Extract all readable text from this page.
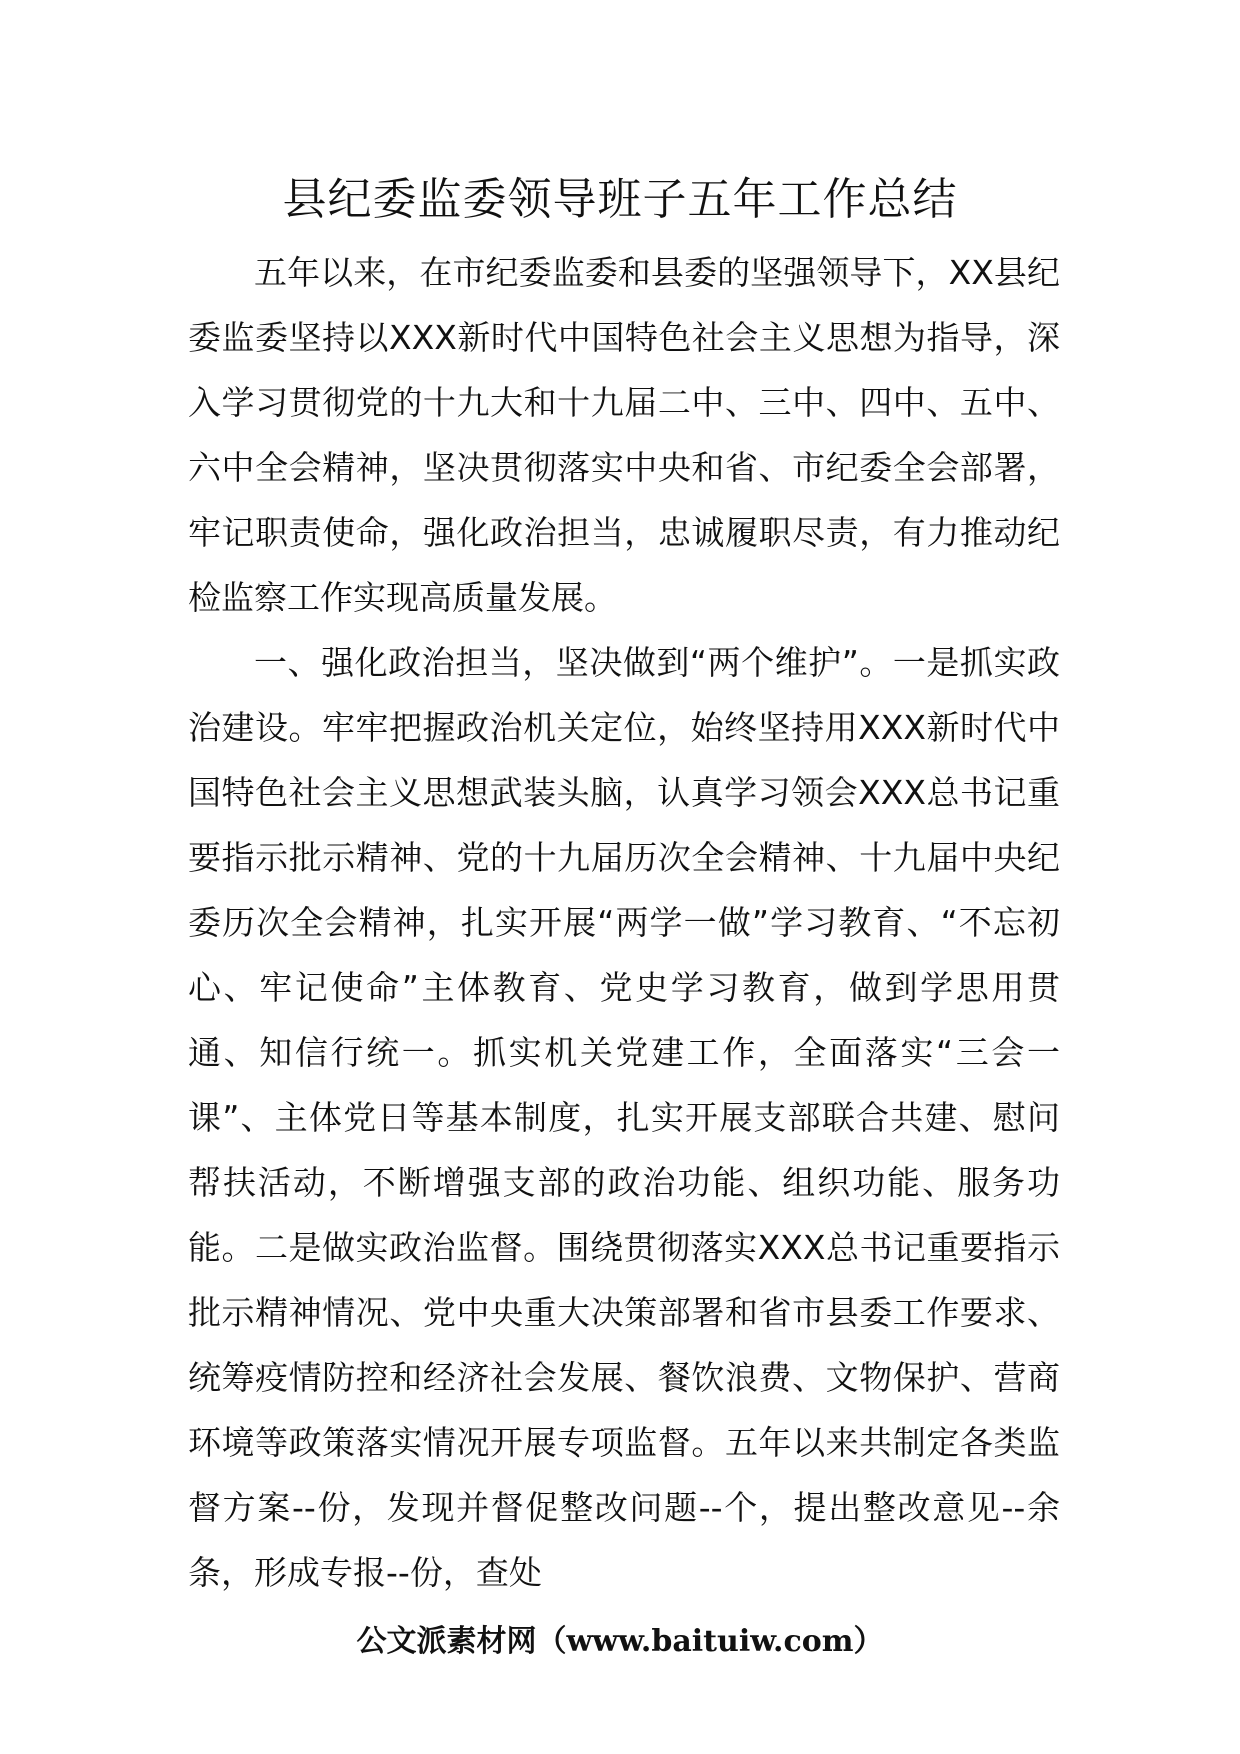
县纪委监委领导班子五年工作总结

五年以来，在市纪委监委和县委的坚强领导下，XX县纪委监委坚持以XXX新时代中国特色社会主义思想为指导，深入学习贯彻党的十九大和十九届二中、三中、四中、五中、六中全会精神，坚决贯彻落实中央和省、市纪委全会部署，牢记职责使命，强化政治担当，忠诚履职尽责，有力推动纪检监察工作实现高质量发展。

一、强化政治担当，坚决做到“两个维护”。一是抓实政治建设。牢牢把握政治机关定位，始终坚持用XXX新时代中国特色社会主义思想武装头脑，认真学习领会XXX总书记重要指示批示精神、党的十九届历次全会精神、十九届中央纪委历次全会精神，扎实开展“两学一做”学习教育、“不忘初心、牢记使命”主体教育、党史学习教育，做到学思用贯通、知信行统一。抓实机关党建工作，全面落实“三会一课”、主体党日等基本制度，扎实开展支部联合共建、慰问帮扶活动，不断增强支部的政治功能、组织功能、服务功能。二是做实政治监督。围绕贯彻落实XXX总书记重要指示批示精神情况、党中央重大决策部署和省市县委工作要求、统筹疫情防控和经济社会发展、餐饮浪费、文物保护、营商环境等政策落实情况开展专项监督。五年以来共制定各类监督方案--份，发现并督促整改问题--个，提出整改意见--余条，形成专报--份，查处

公文派素材网（www.baituiw.com）
